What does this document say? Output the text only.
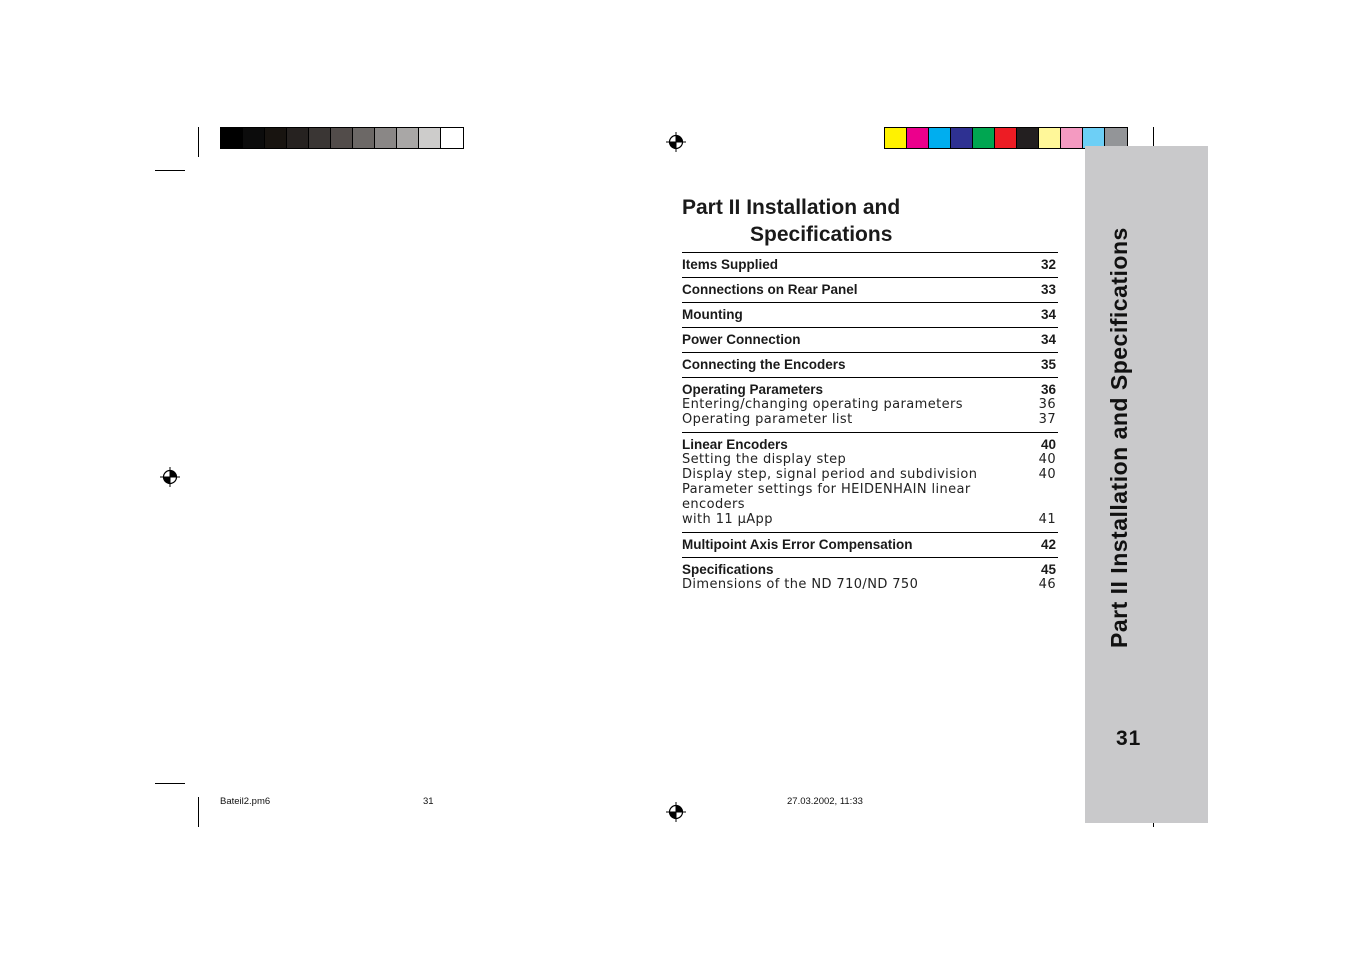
Part II Installation and Specifications
31
Part II Installation and
Specifications
Items Supplied	32
Connections on Rear Panel	33
Mounting	34
Power Connection	34
Connecting the Encoders	35
Operating Parameters	36
Entering/changing operating parameters	36
Operating parameter list	37
Linear Encoders	40
Setting the display step	40
Display step, signal period and subdivision	40
Parameter settings for HEIDENHAIN linear encoders
with 11 µApp	41
Multipoint Axis Error Compensation	42
Specifications	45
Dimensions of the ND 710/ND 750	46
Bateil2.pm6	31	27.03.2002, 11:33
